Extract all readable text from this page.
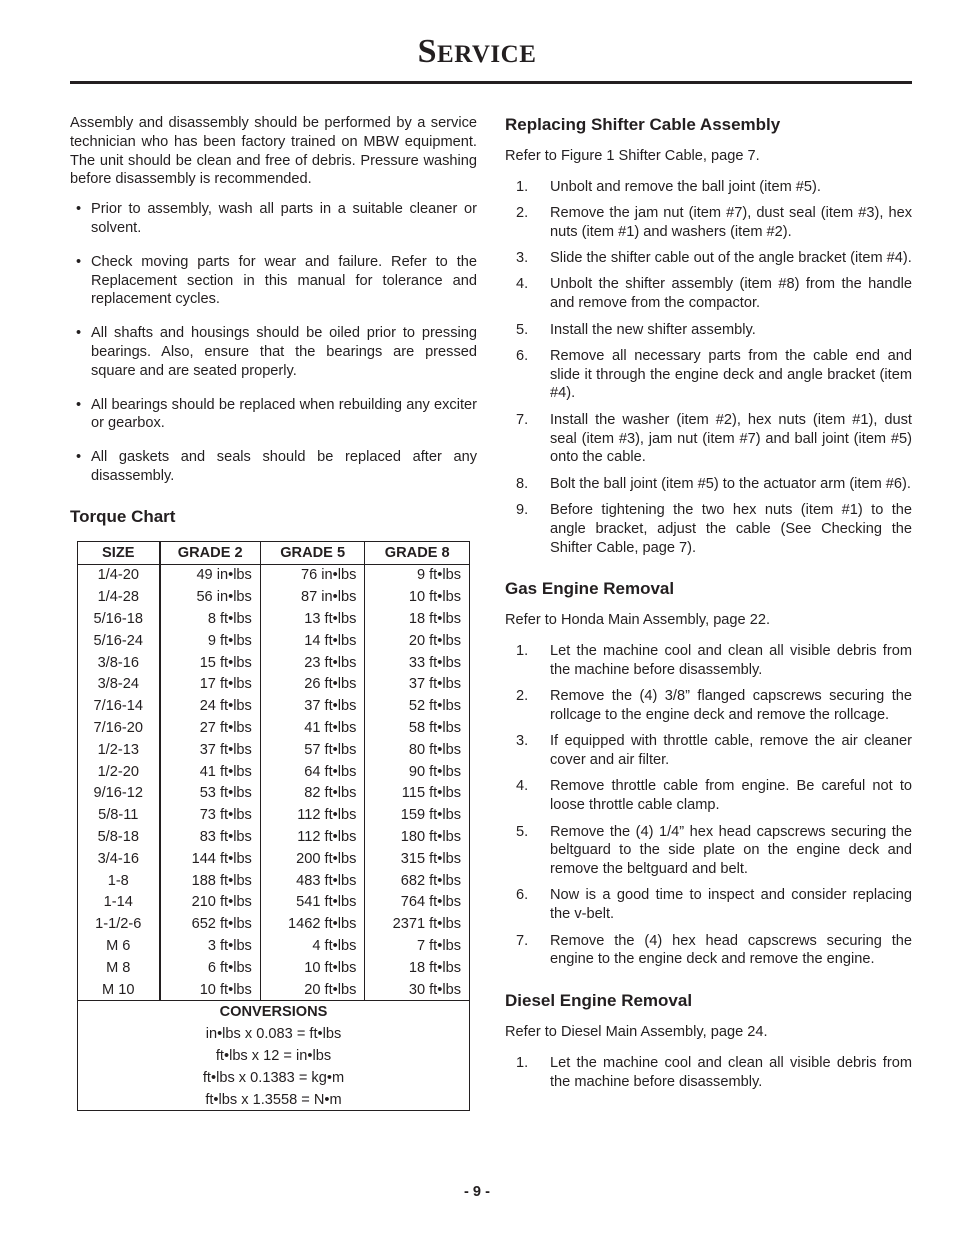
SERVICE

Assembly and disassembly should be performed by a service technician who has been factory trained on MBW equipment. The unit should be clean and free of debris. Pressure washing before disassembly is recommended.

• Prior to assembly, wash all parts in a suitable cleaner or solvent.
• Check moving parts for wear and failure. Refer to the Replacement section in this manual for tolerance and replacement cycles.
• All shafts and housings should be oiled prior to pressing bearings. Also, ensure that the bearings are pressed square and are seated properly.
• All bearings should be replaced when rebuilding any exciter or gearbox.
• All gaskets and seals should be replaced after any disassembly.
Torque Chart
SIZE	GRADE 2	GRADE 5	GRADE 8
1/4-20	49 in•lbs	76 in•lbs	9 ft•lbs
1/4-28	56 in•lbs	87 in•lbs	10 ft•lbs
5/16-18	8 ft•lbs	13 ft•lbs	18 ft•lbs
5/16-24	9 ft•lbs	14 ft•lbs	20 ft•lbs
3/8-16	15 ft•lbs	23 ft•lbs	33 ft•lbs
3/8-24	17 ft•lbs	26 ft•lbs	37 ft•lbs
7/16-14	24 ft•lbs	37 ft•lbs	52 ft•lbs
7/16-20	27 ft•lbs	41 ft•lbs	58 ft•lbs
1/2-13	37 ft•lbs	57 ft•lbs	80 ft•lbs
1/2-20	41 ft•lbs	64 ft•lbs	90 ft•lbs
9/16-12	53 ft•lbs	82 ft•lbs	115 ft•lbs
5/8-11	73 ft•lbs	112 ft•lbs	159 ft•lbs
5/8-18	83 ft•lbs	112 ft•lbs	180 ft•lbs
3/4-16	144 ft•lbs	200 ft•lbs	315 ft•lbs
1-8	188 ft•lbs	483 ft•lbs	682 ft•lbs
1-14	210 ft•lbs	541 ft•lbs	764 ft•lbs
1-1/2-6	652 ft•lbs	1462 ft•lbs	2371 ft•lbs
M 6	3 ft•lbs	4 ft•lbs	7 ft•lbs
M 8	6 ft•lbs	10 ft•lbs	18 ft•lbs
M 10	10 ft•lbs	20 ft•lbs	30 ft•lbs
CONVERSIONS			
in•lbs x 0.083 = ft•lbs			
ft•lbs x 12 = in•lbs			
ft•lbs x 0.1383 = kg•m			
ft•lbs x 1.3558 = N•m			
Replacing Shifter Cable Assembly

Refer to Figure 1 Shifter Cable, page 7.

1. Unbolt and remove the ball joint (item #5).
2. Remove the jam nut (item #7), dust seal (item #3), hex nuts (item #1) and washers (item #2).
3. Slide the shifter cable out of the angle bracket (item #4).
4. Unbolt the shifter assembly (item #8) from the handle and remove from the compactor.
5. Install the new shifter assembly.
6. Remove all necessary parts from the cable end and slide it through the engine deck and angle bracket (item #4).
7. Install the washer (item #2), hex nuts (item #1), dust seal (item #3), jam nut (item #7) and ball joint (item #5) onto the cable.
8. Bolt the ball joint (item #5) to the actuator arm (item #6).
9. Before tightening the two hex nuts (item #1) to the angle bracket, adjust the cable (See Checking the Shifter Cable, page 7).
Gas Engine Removal

Refer to Honda Main Assembly, page 22.

1. Let the machine cool and clean all visible debris from the machine before disassembly.
2. Remove the (4) 3/8” flanged capscrews securing the rollcage to the engine deck and remove the rollcage.
3. If equipped with throttle cable, remove the air cleaner cover and air filter.
4. Remove throttle cable from engine. Be careful not to loose throttle cable clamp.
5. Remove the (4) 1/4” hex head capscrews securing the beltguard to the side plate on the engine deck and remove the beltguard and belt.
6. Now is a good time to inspect and consider replacing the v-belt.
7. Remove the (4) hex head capscrews securing the engine to the engine deck and remove the engine.
Diesel Engine Removal

Refer to Diesel Main Assembly, page 24.

1. Let the machine cool and clean all visible debris from the machine before disassembly.
- 9 -
